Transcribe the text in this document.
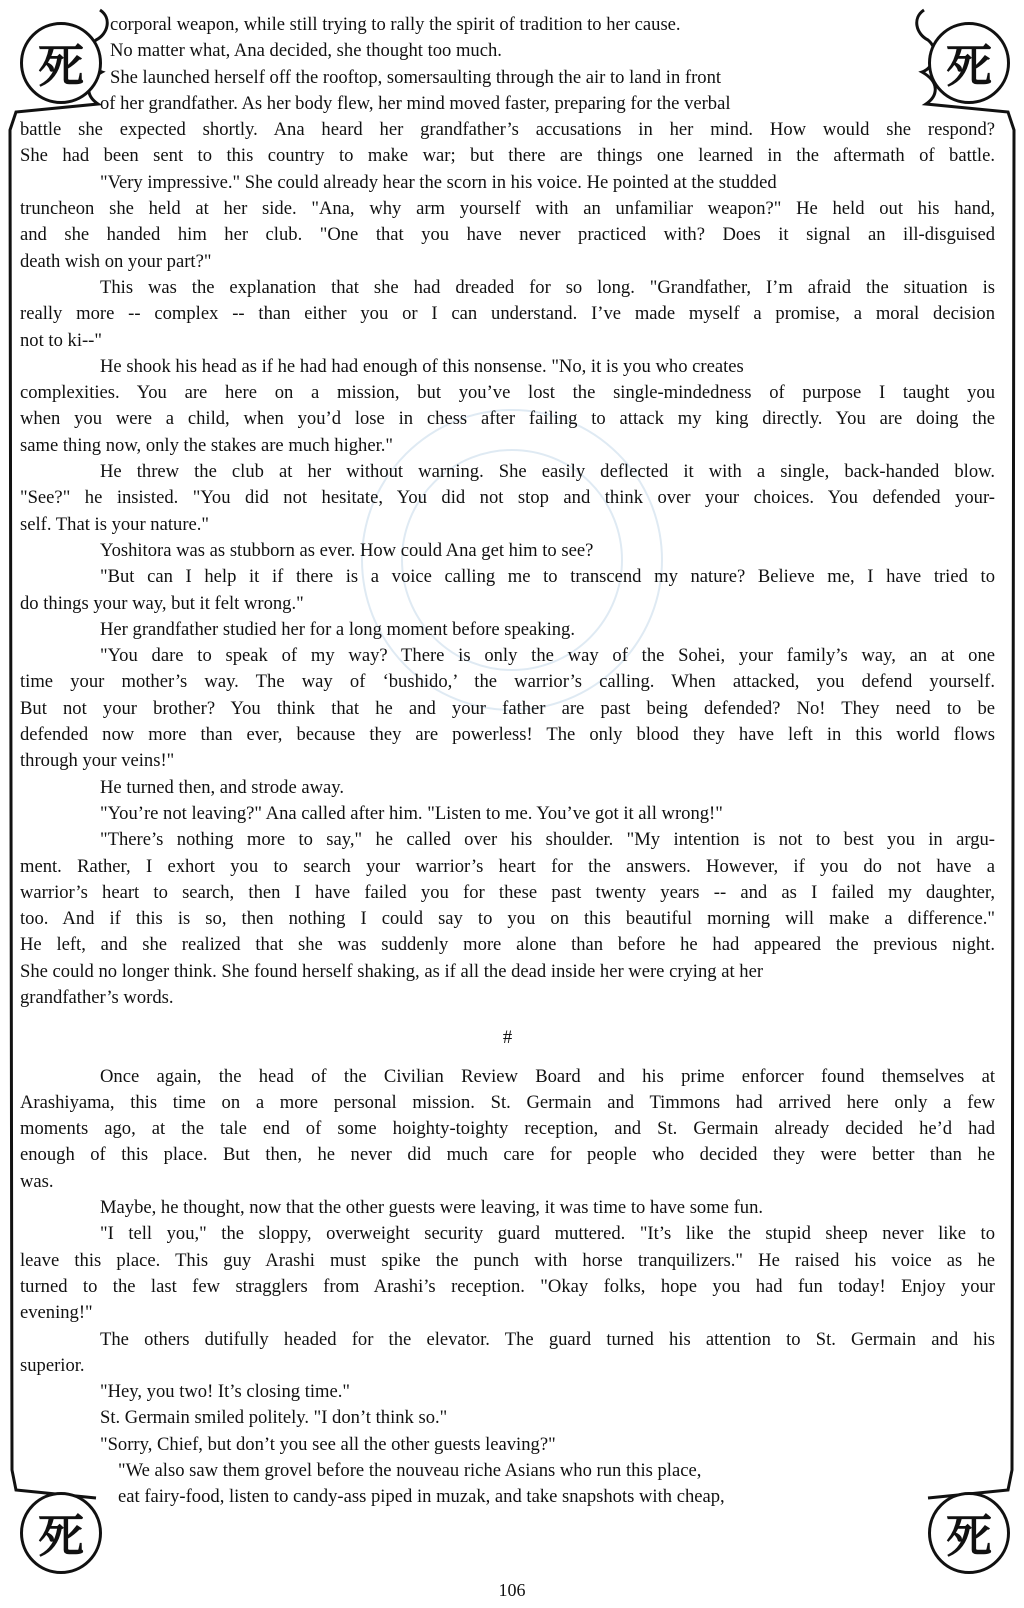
死	死
死	死
corporal weapon, while still trying to rally the spirit of tradition to her cause.
No matter what, Ana decided, she thought too much.
She launched herself off the rooftop, somersaulting through the air to land in front
of her grandfather. As her body flew, her mind moved faster, preparing for the verbal
battle she expected shortly. Ana heard her grandfather’s accusations in her mind. How would she respond?
She had been sent to this country to make war; but there are things one learned in the aftermath of battle.
"Very impressive." She could already hear the scorn in his voice. He pointed at the studded
truncheon she held at her side. "Ana, why arm yourself with an unfamiliar weapon?" He held out his hand,
and she handed him her club. "One that you have never practiced with? Does it signal an ill-disguised
death wish on your part?"
This was the explanation that she had dreaded for so long. "Grandfather, I’m afraid the situation is
really more -- complex -- than either you or I can understand. I’ve made myself a promise, a moral decision
not to ki--"
He shook his head as if he had had enough of this nonsense. "No, it is you who creates
complexities. You are here on a mission, but you’ve lost the single-mindedness of purpose I taught you
when you were a child, when you’d lose in chess after failing to attack my king directly. You are doing the
same thing now, only the stakes are much higher."
He threw the club at her without warning. She easily deflected it with a single, back-handed blow.
"See?" he insisted. "You did not hesitate, You did not stop and think over your choices. You defended your-
self. That is your nature."
Yoshitora was as stubborn as ever. How could Ana get him to see?
"But can I help it if there is a voice calling me to transcend my nature? Believe me, I have tried to
do things your way, but it felt wrong."
Her grandfather studied her for a long moment before speaking.
"You dare to speak of my way? There is only the way of the Sohei, your family’s way, an at one
time your mother’s way. The way of ‘bushido,’ the warrior’s calling. When attacked, you defend yourself.
But not your brother? You think that he and your father are past being defended? No! They need to be
defended now more than ever, because they are powerless! The only blood they have left in this world flows
through your veins!"
He turned then, and strode away.
"You’re not leaving?" Ana called after him. "Listen to me. You’ve got it all wrong!"
"There’s nothing more to say," he called over his shoulder. "My intention is not to best you in argu-
ment. Rather, I exhort you to search your warrior’s heart for the answers. However, if you do not have a
warrior’s heart to search, then I have failed you for these past twenty years -- and as I failed my daughter,
too. And if this is so, then nothing I could say to you on this beautiful morning will make a difference."
He left, and she realized that she was suddenly more alone than before he had appeared the previous night.
She could no longer think. She found herself shaking, as if all the dead inside her were crying at her
grandfather’s words.
#
Once again, the head of the Civilian Review Board and his prime enforcer found themselves at
Arashiyama, this time on a more personal mission. St. Germain and Timmons had arrived here only a few
moments ago, at the tale end of some hoighty-toighty reception, and St. Germain already decided he’d had
enough of this place. But then, he never did much care for people who decided they were better than he
was.
Maybe, he thought, now that the other guests were leaving, it was time to have some fun.
"I tell you," the sloppy, overweight security guard muttered. "It’s like the stupid sheep never like to
leave this place. This guy Arashi must spike the punch with horse tranquilizers." He raised his voice as he
turned to the last few stragglers from Arashi’s reception. "Okay folks, hope you had fun today! Enjoy your
evening!"
The others dutifully headed for the elevator. The guard turned his attention to St. Germain and his
superior.
"Hey, you two! It’s closing time."
St. Germain smiled politely. "I don’t think so."
"Sorry, Chief, but don’t you see all the other guests leaving?"
"We also saw them grovel before the nouveau riche Asians who run this place,
eat fairy-food, listen to candy-ass piped in muzak, and take snapshots with cheap,
106
